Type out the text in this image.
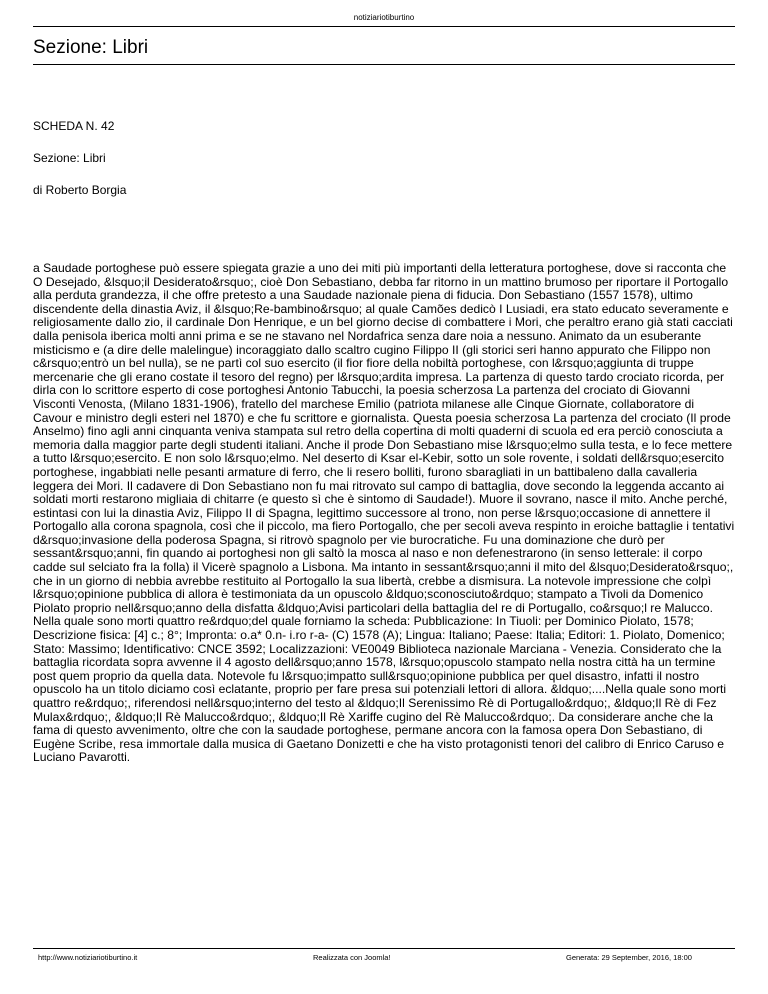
notiziariotiburtino
Sezione: Libri
SCHEDA N. 42
Sezione: Libri
di Roberto Borgia

a Saudade portoghese può essere spiegata grazie a uno dei miti più importanti della letteratura portoghese, dove si racconta che O Desejado, &lsquo;il Desiderato&rsquo;, cioè Don Sebastiano, debba far ritorno in un mattino brumoso per riportare il Portogallo alla perduta grandezza, il che offre pretesto a una Saudade nazionale piena di fiducia. Don Sebastiano (1557 1578), ultimo discendente della dinastia Aviz, il &lsquo;Re-bambino&rsquo; al quale Camões dedicò I Lusiadi, era stato educato severamente e religiosamente dallo zio, il cardinale Don Henrique, e un bel giorno decise di combattere i Mori, che peraltro erano già stati cacciati dalla penisola iberica molti anni prima e se ne stavano nel Nordafrica senza dare noia a nessuno. Animato da un esuberante misticismo e (a dire delle malelingue) incoraggiato dallo scaltro cugino Filippo II (gli storici seri hanno appurato che Filippo non c&rsquo;entrò un bel nulla), se ne partì col suo esercito (il fior fiore della nobiltà portoghese, con l&rsquo;aggiunta di truppe mercenarie che gli erano costate il tesoro del regno) per l&rsquo;ardita impresa. La partenza di questo tardo crociato ricorda, per dirla con lo scrittore esperto di cose portoghesi Antonio Tabucchi, la poesia scherzosa La partenza del crociato di Giovanni Visconti Venosta, (Milano 1831-1906), fratello del marchese Emilio (patriota milanese alle Cinque Giornate, collaboratore di Cavour e ministro degli esteri nel 1870) e che fu scrittore e giornalista. Questa poesia scherzosa La partenza del crociato (Il prode Anselmo) fino agli anni cinquanta veniva stampata sul retro della copertina di molti quaderni di scuola ed era perciò conosciuta a memoria dalla maggior parte degli studenti italiani. Anche il prode Don Sebastiano mise l&rsquo;elmo sulla testa, e lo fece mettere a tutto l&rsquo;esercito. E non solo l&rsquo;elmo. Nel deserto di Ksar el-Kebir, sotto un sole rovente, i soldati dell&rsquo;esercito portoghese, ingabbiati nelle pesanti armature di ferro, che li resero bolliti, furono sbaragliati in un battibaleno dalla cavalleria leggera dei Mori. Il cadavere di Don Sebastiano non fu mai ritrovato sul campo di battaglia, dove secondo la leggenda accanto ai soldati morti restarono migliaia di chitarre (e questo sì che è sintomo di Saudade!). Muore il sovrano, nasce il mito. Anche perché, estintasi con lui la dinastia Aviz, Filippo II di Spagna, legittimo successore al trono, non perse l&rsquo;occasione di annettere il Portogallo alla corona spagnola, così che il piccolo, ma fiero Portogallo, che per secoli aveva respinto in eroiche battaglie i tentativi d&rsquo;invasione della poderosa Spagna, si ritrovò spagnolo per vie burocratiche. Fu una dominazione che durò per sessant&rsquo;anni, fin quando ai portoghesi non gli saltò la mosca al naso e non defenestrarono (in senso letterale: il corpo cadde sul selciato fra la folla) il Vicerè spagnolo a Lisbona. Ma intanto in sessant&rsquo;anni il mito del &lsquo;Desiderato&rsquo;, che in un giorno di nebbia avrebbe restituito al Portogallo la sua libertà, crebbe a dismisura. La notevole impressione che colpì l&rsquo;opinione pubblica di allora è testimoniata da un opuscolo &ldquo;sconosciuto&rdquo; stampato a Tivoli da Domenico Piolato proprio nell&rsquo;anno della disfatta &ldquo;Avisi particolari della battaglia del re di Portugallo, co&rsquo;l re Malucco. Nella quale sono morti quattro re&rdquo;del quale forniamo la scheda: Pubblicazione: In Tiuoli: per Dominico Piolato, 1578; Descrizione fisica: [4] c.; 8°; Impronta: o.a* 0.n- i.ro r-a- (C) 1578 (A); Lingua: Italiano; Paese: Italia; Editori: 1. Piolato, Domenico; Stato: Massimo; Identificativo: CNCE 3592; Localizzazioni: VE0049 Biblioteca nazionale Marciana - Venezia. Considerato che la battaglia ricordata sopra avvenne il 4 agosto dell&rsquo;anno 1578, l&rsquo;opuscolo stampato nella nostra città ha un termine post quem proprio da quella data. Notevole fu l&rsquo;impatto sull&rsquo;opinione pubblica per quel disastro, infatti il nostro opuscolo ha un titolo diciamo così eclatante, proprio per fare presa sui potenziali lettori di allora. &ldquo;....Nella quale sono morti quattro re&rdquo;, riferendosi nell&rsquo;interno del testo al &ldquo;Il Serenissimo Rè di Portugallo&rdquo;, &ldquo;Il Rè di Fez Mulax&rdquo;, &ldquo;Il Rè Malucco&rdquo;, &ldquo;Il Rè Xariffe cugino del Rè Malucco&rdquo;. Da considerare anche che la fama di questo avvenimento, oltre che con la saudade portoghese, permane ancora con la famosa opera Don Sebastiano, di Eugène Scribe, resa immortale dalla musica di Gaetano Donizetti e che ha visto protagonisti tenori del calibro di Enrico Caruso e Luciano Pavarotti.

http://www.notiziariotiburtino.it	Realizzata con Joomla!	Generata: 29 September, 2016, 18:00
